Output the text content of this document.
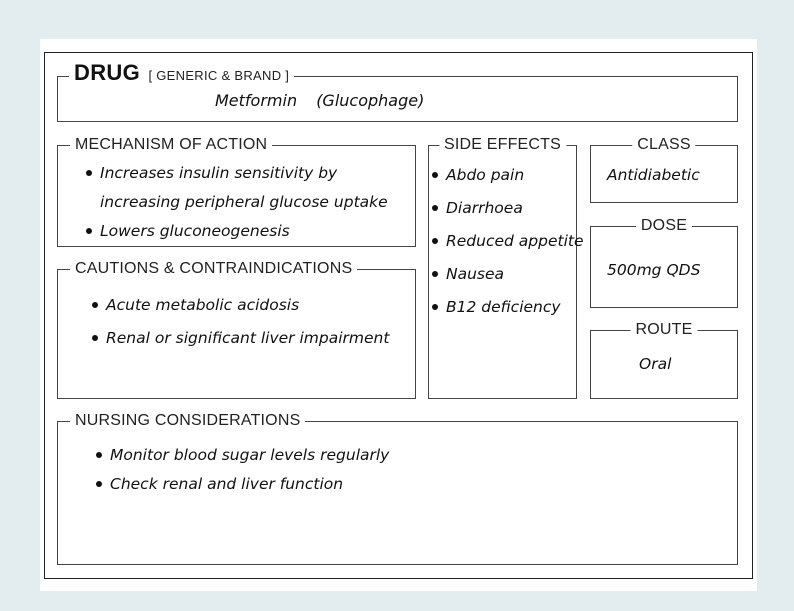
DRUG [ GENERIC & BRAND ]
Metformin (Glucophage)
MECHANISM OF ACTION
Increases insulin sensitivity by
increasing peripheral glucose uptake
Lowers gluconeogenesis
CAUTIONS & CONTRAINDICATIONS
Acute metabolic acidosis
Renal or significant liver impairment
SIDE EFFECTS
Abdo pain
Diarrhoea
Reduced appetite
Nausea
B12 deficiency
CLASS
Antidiabetic
DOSE
500mg QDS
ROUTE
Oral
NURSING CONSIDERATIONS
Monitor blood sugar levels regularly
Check renal and liver function
